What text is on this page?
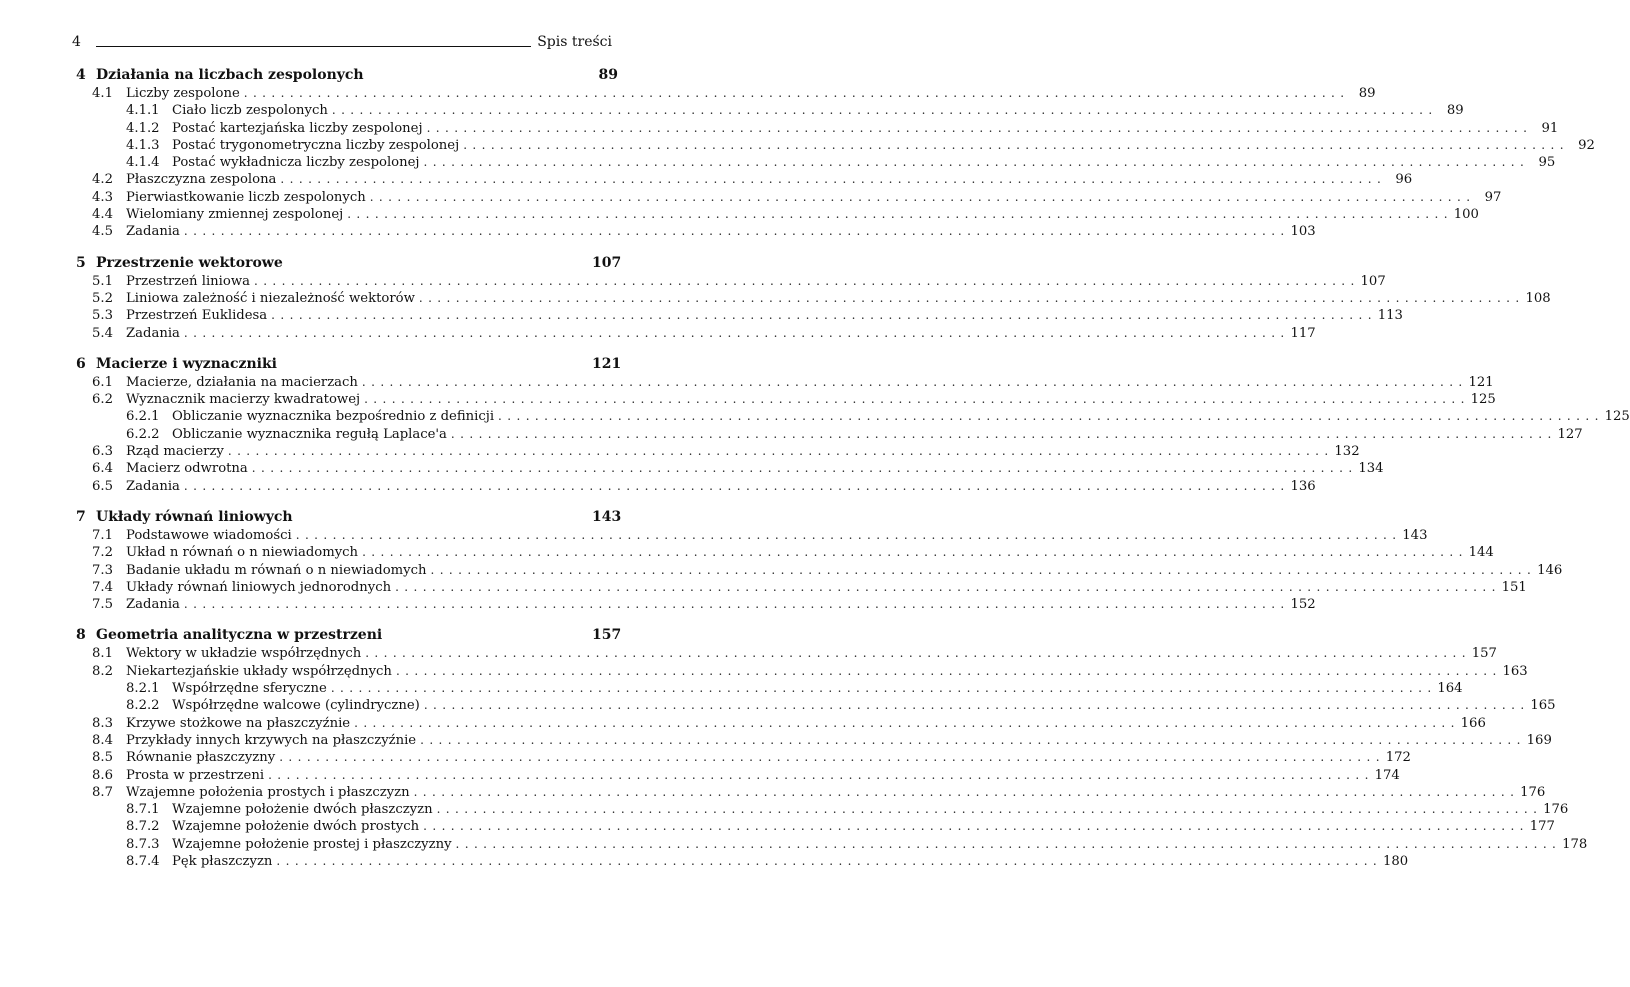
4	Spis treści
4 Działania na liczbach zespolonych	89
4.1 Liczby zespolone ........................................................................................................................ 89
4.1.1 Ciało liczb zespolonych ........................................................................................................................ 89
4.1.2 Postać kartezjańska liczby zespolonej ........................................................................................................................ 91
4.1.3 Postać trygonometryczna liczby zespolonej ........................................................................................................................ 92
4.1.4 Postać wykładnicza liczby zespolonej ........................................................................................................................ 95
4.2 Płaszczyzna zespolona ........................................................................................................................ 96
4.3 Pierwiastkowanie liczb zespolonych ........................................................................................................................ 97
4.4 Wielomiany zmiennej zespolonej ........................................................................................................................ 100
4.5 Zadania ........................................................................................................................ 103
5 Przestrzenie wektorowe	107
5.1 Przestrzeń liniowa ........................................................................................................................ 107
5.2 Liniowa zależność i niezależność wektorów ........................................................................................................................ 108
5.3 Przestrzeń Euklidesa ........................................................................................................................ 113
5.4 Zadania ........................................................................................................................ 117
6 Macierze i wyznaczniki	121
6.1 Macierze, działania na macierzach ........................................................................................................................ 121
6.2 Wyznacznik macierzy kwadratowej ........................................................................................................................ 125
6.2.1 Obliczanie wyznacznika bezpośrednio z definicji ........................................................................................................................ 125
6.2.2 Obliczanie wyznacznika regułą Laplace'a ........................................................................................................................ 127
6.3 Rząd macierzy ........................................................................................................................ 132
6.4 Macierz odwrotna ........................................................................................................................ 134
6.5 Zadania ........................................................................................................................ 136
7 Układy równań liniowych	143
7.1 Podstawowe wiadomości ........................................................................................................................ 143
7.2 Układ n równań o n niewiadomych ........................................................................................................................ 144
7.3 Badanie układu m równań o n niewiadomych ........................................................................................................................ 146
7.4 Układy równań liniowych jednorodnych ........................................................................................................................ 151
7.5 Zadania ........................................................................................................................ 152
8 Geometria analityczna w przestrzeni	157
8.1 Wektory w układzie współrzędnych ........................................................................................................................ 157
8.2 Niekartezjańskie układy współrzędnych ........................................................................................................................ 163
8.2.1 Współrzędne sferyczne ........................................................................................................................ 164
8.2.2 Współrzędne walcowe (cylindryczne) ........................................................................................................................ 165
8.3 Krzywe stożkowe na płaszczyźnie ........................................................................................................................ 166
8.4 Przykłady innych krzywych na płaszczyźnie ........................................................................................................................ 169
8.5 Równanie płaszczyzny ........................................................................................................................ 172
8.6 Prosta w przestrzeni ........................................................................................................................ 174
8.7 Wzajemne położenia prostych i płaszczyzn ........................................................................................................................ 176
8.7.1 Wzajemne położenie dwóch płaszczyzn ........................................................................................................................ 176
8.7.2 Wzajemne położenie dwóch prostych ........................................................................................................................ 177
8.7.3 Wzajemne położenie prostej i płaszczyzny ........................................................................................................................ 178
8.7.4 Pęk płaszczyzn ........................................................................................................................ 180
